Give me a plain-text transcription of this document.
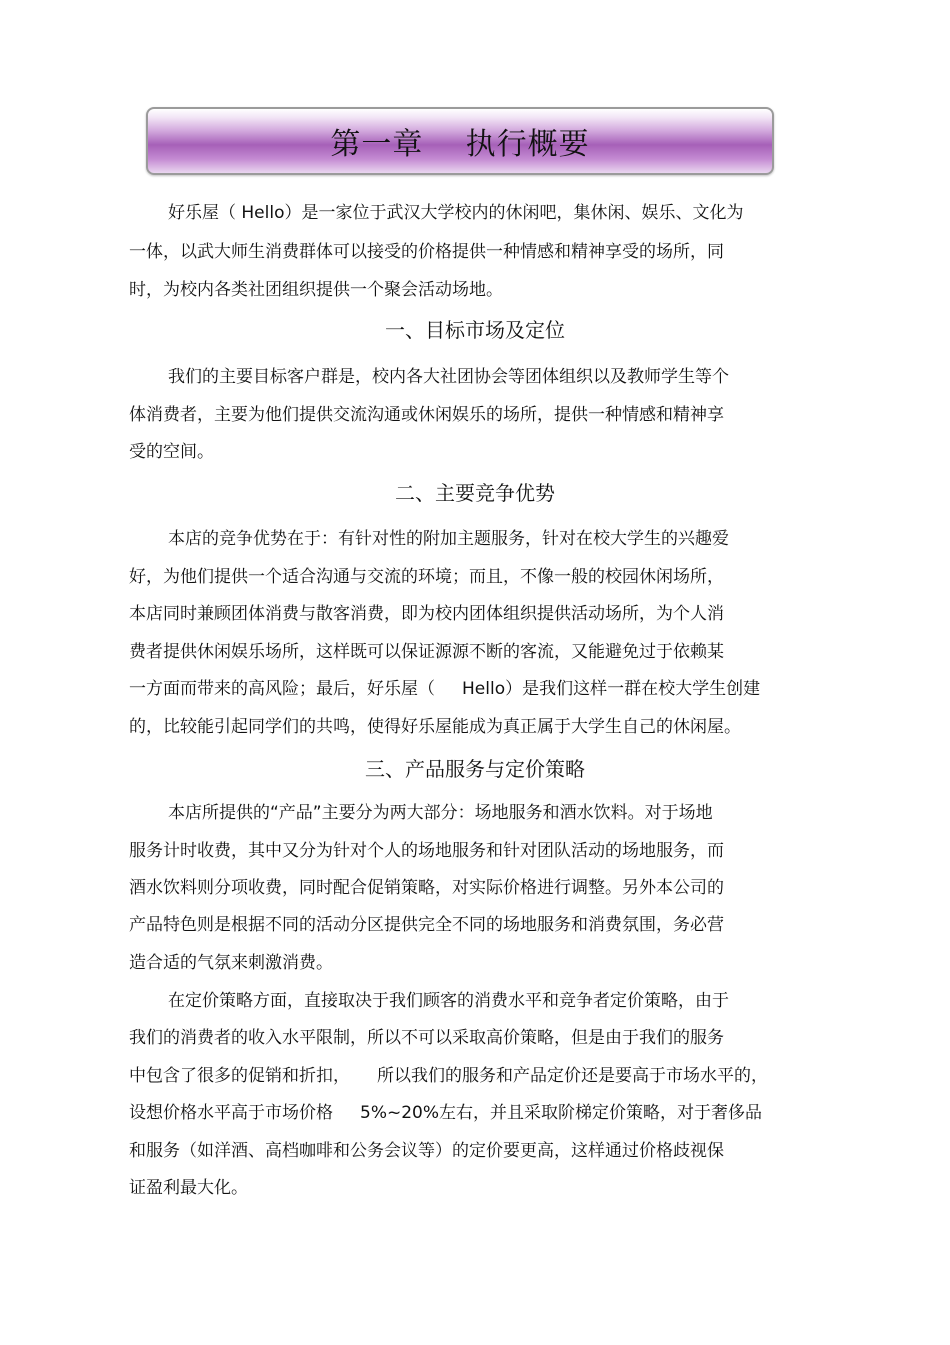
第一章    执行概要
好乐屋（ Hello）是一家位于武汉大学校内的休闲吧，集休闲、娱乐、文化为
一体，以武大师生消费群体可以接受的价格提供一种情感和精神享受的场所，同
时，为校内各类社团组织提供一个聚会活动场地。
一、目标市场及定位
我们的主要目标客户群是，校内各大社团协会等团体组织以及教师学生等个
体消费者，主要为他们提供交流沟通或休闲娱乐的场所，提供一种情感和精神享
受的空间。
二、主要竞争优势
本店的竞争优势在于：有针对性的附加主题服务，针对在校大学生的兴趣爱
好，为他们提供一个适合沟通与交流的环境；而且，不像一般的校园休闲场所，
本店同时兼顾团体消费与散客消费，即为校内团体组织提供活动场所，为个人消
费者提供休闲娱乐场所，这样既可以保证源源不断的客流，又能避免过于依赖某
一方面而带来的高风险；最后，好乐屋（     Hello）是我们这样一群在校大学生创建
的，比较能引起同学们的共鸣，使得好乐屋能成为真正属于大学生自己的休闲屋。
三、产品服务与定价策略
本店所提供的“产品”主要分为两大部分：场地服务和酒水饮料。对于场地
服务计时收费，其中又分为针对个人的场地服务和针对团队活动的场地服务，而
酒水饮料则分项收费，同时配合促销策略，对实际价格进行调整。另外本公司的
产品特色则是根据不同的活动分区提供完全不同的场地服务和消费氛围，务必营
造合适的气氛来刺激消费。
在定价策略方面，直接取决于我们顾客的消费水平和竞争者定价策略，由于
我们的消费者的收入水平限制，所以不可以采取高价策略，但是由于我们的服务
中包含了很多的促销和折扣，     所以我们的服务和产品定价还是要高于市场水平的，
设想价格水平高于市场价格     5%~20%左右，并且采取阶梯定价策略，对于奢侈品
和服务（如洋酒、高档咖啡和公务会议等）的定价要更高，这样通过价格歧视保
证盈利最大化。
